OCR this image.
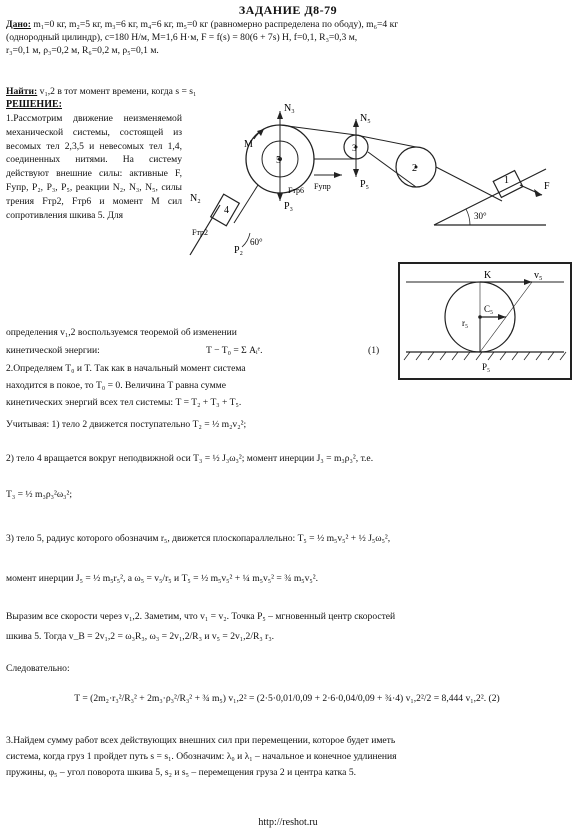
ЗАДАНИЕ Д8-79
Дано: m₁=0 кг, m₂=5 кг, m₃=6 кг, m₄=6 кг, m₅=0 кг (равномерно распределена по ободу), m₆=4 кг
(однородный цилиндр), c=180 Н/м, M=1,6 Н·м, F = f(s) = 80(6 + 7s) Н, f=0,1, R₃=0,3 м,
r₃=0,1 м, ρ₃=0,2 м, R₆=0,2 м, ρ₅=0,1 м.
Найти: v₁,2 в тот момент времени, когда s = s₁
РЕШЕНИЕ:
1.Рассмотрим движение неизменяемой механической системы, состоящей из весомых тел 2,3,5 и невесомых тел 1,4, соединенных нитями. На систему действуют внешние силы: активные F, Fупр, P₂, P₃, P₅, реакции N₂, N₃, N₅, силы трения Fтр2, Fтр6 и момент M сил сопротивления шкива 5. Для
M
N₃
N₅
N₂
P₃
P₅
P₂
5
3
2
1
4
F
Fупр
Fтр2
Fтр6
30°
60°
K	v₅
r₅
C₅
P₅
определения v₁,2 воспользуемся теоремой об изменении
кинетической энергии:	T − T₀ = Σ Aᵢᵉ.	(1)
2.Определяем T₀ и T. Так как в начальный момент система
находится в покое, то T₀ = 0. Величина T равна сумме
кинетических энергий всех тел системы: T = T₂ + T₃ + T₅.
Учитывая: 1) тело 2 движется поступательно T₂ = ½ m₂v₂²;
2) тело 4 вращается вокруг неподвижной оси T₃ = ½ J₃ω₃²; момент инерции J₃ = m₃ρ₃², т.е.
T₃ = ½ m₃ρ₃²ω₃²;
3) тело 5, радиус которого обозначим r₅, движется плоскопараллельно: T₅ = ½ m₅v₅² + ½ J₅ω₅²,
момент инерции J₅ = ½ m₅r₅², а ω₅ = v₅/r₅ и T₅ = ½ m₅v₅² + ¼ m₅v₅² = ¾ m₅v₅².
Выразим все скорости через v₁,2. Заметим, что v₁ = v₂. Точка P₅ – мгновенный центр скоростей
шкива 5. Тогда v_B = 2v₁,2 = ω₃R₃, ω₃ = 2v₁,2/R₃ и v₅ = 2v₁,2/R₃ r₃.
Следовательно:
T = (2m₂·r₃²/R₃² + 2m₃·ρ₃²/R₃² + ¾ m₅) v₁,2² = (2·5·0,01/0,09 + 2·6·0,04/0,09 + ¾·4) v₁,2²/2 = 8,444 v₁,2². (2)
3.Найдем сумму работ всех действующих внешних сил при перемещении, которое будет иметь
система, когда груз 1 пройдет путь s = s₁. Обозначим: λ₀ и λ₁ – начальное и конечное удлинения
пружины, φ₅ – угол поворота шкива 5, s₂ и s₅ – перемещения груза 2 и центра катка 5.
http://reshot.ru
